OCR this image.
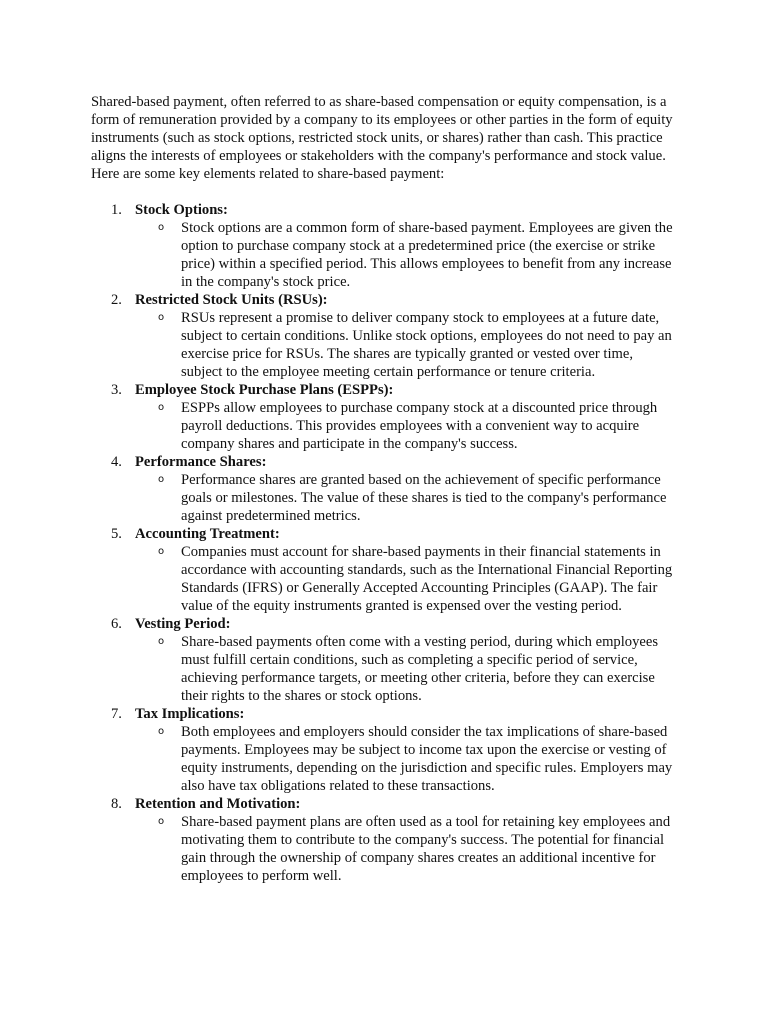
Shared-based payment, often referred to as share-based compensation or equity compensation, is a form of remuneration provided by a company to its employees or other parties in the form of equity instruments (such as stock options, restricted stock units, or shares) rather than cash. This practice aligns the interests of employees or stakeholders with the company's performance and stock value. Here are some key elements related to share-based payment:

1. Stock Options:
o Stock options are a common form of share-based payment. Employees are given the option to purchase company stock at a predetermined price (the exercise or strike price) within a specified period. This allows employees to benefit from any increase in the company's stock price.
2. Restricted Stock Units (RSUs):
o RSUs represent a promise to deliver company stock to employees at a future date, subject to certain conditions. Unlike stock options, employees do not need to pay an exercise price for RSUs. The shares are typically granted or vested over time, subject to the employee meeting certain performance or tenure criteria.
3. Employee Stock Purchase Plans (ESPPs):
o ESPPs allow employees to purchase company stock at a discounted price through payroll deductions. This provides employees with a convenient way to acquire company shares and participate in the company's success.
4. Performance Shares:
o Performance shares are granted based on the achievement of specific performance goals or milestones. The value of these shares is tied to the company's performance against predetermined metrics.
5. Accounting Treatment:
o Companies must account for share-based payments in their financial statements in accordance with accounting standards, such as the International Financial Reporting Standards (IFRS) or Generally Accepted Accounting Principles (GAAP). The fair value of the equity instruments granted is expensed over the vesting period.
6. Vesting Period:
o Share-based payments often come with a vesting period, during which employees must fulfill certain conditions, such as completing a specific period of service, achieving performance targets, or meeting other criteria, before they can exercise their rights to the shares or stock options.
7. Tax Implications:
o Both employees and employers should consider the tax implications of share-based payments. Employees may be subject to income tax upon the exercise or vesting of equity instruments, depending on the jurisdiction and specific rules. Employers may also have tax obligations related to these transactions.
8. Retention and Motivation:
o Share-based payment plans are often used as a tool for retaining key employees and motivating them to contribute to the company's success. The potential for financial gain through the ownership of company shares creates an additional incentive for employees to perform well.
